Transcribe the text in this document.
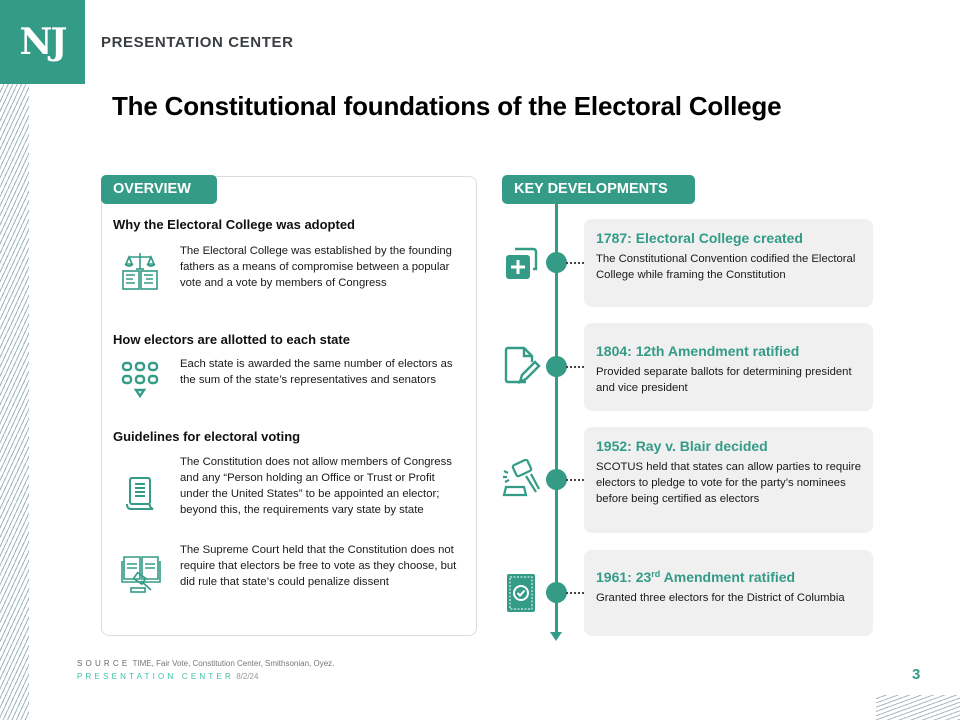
NJ PRESENTATION CENTER
The Constitutional foundations of the Electoral College
OVERVIEW
Why the Electoral College was adopted
The Electoral College was established by the founding fathers as a means of compromise between a popular vote and a vote by members of Congress
How electors are allotted to each state
Each state is awarded the same number of electors as the sum of the state’s representatives and senators
Guidelines for electoral voting
The Constitution does not allow members of Congress and any “Person holding an Office or Trust or Profit under the United States” to be appointed an elector; beyond this, the requirements vary state by state
The Supreme Court held that the Constitution does not require that electors be free to vote as they choose, but did rule that state’s could penalize dissent
KEY DEVELOPMENTS
1787: Electoral College created
The Constitutional Convention codified the Electoral College while framing the Constitution
1804: 12th Amendment ratified
Provided separate ballots for determining president and vice president
1952: Ray v. Blair decided
SCOTUS held that states can allow parties to require electors to pledge to vote for the party’s nominees before being certified as electors
1961: 23rd Amendment ratified
Granted three electors for the District of Columbia
SOURCE TIME, Fair Vote, Constitution Center, Smithsonian, Oyez.
PRESENTATION CENTER 8/2/24	3
